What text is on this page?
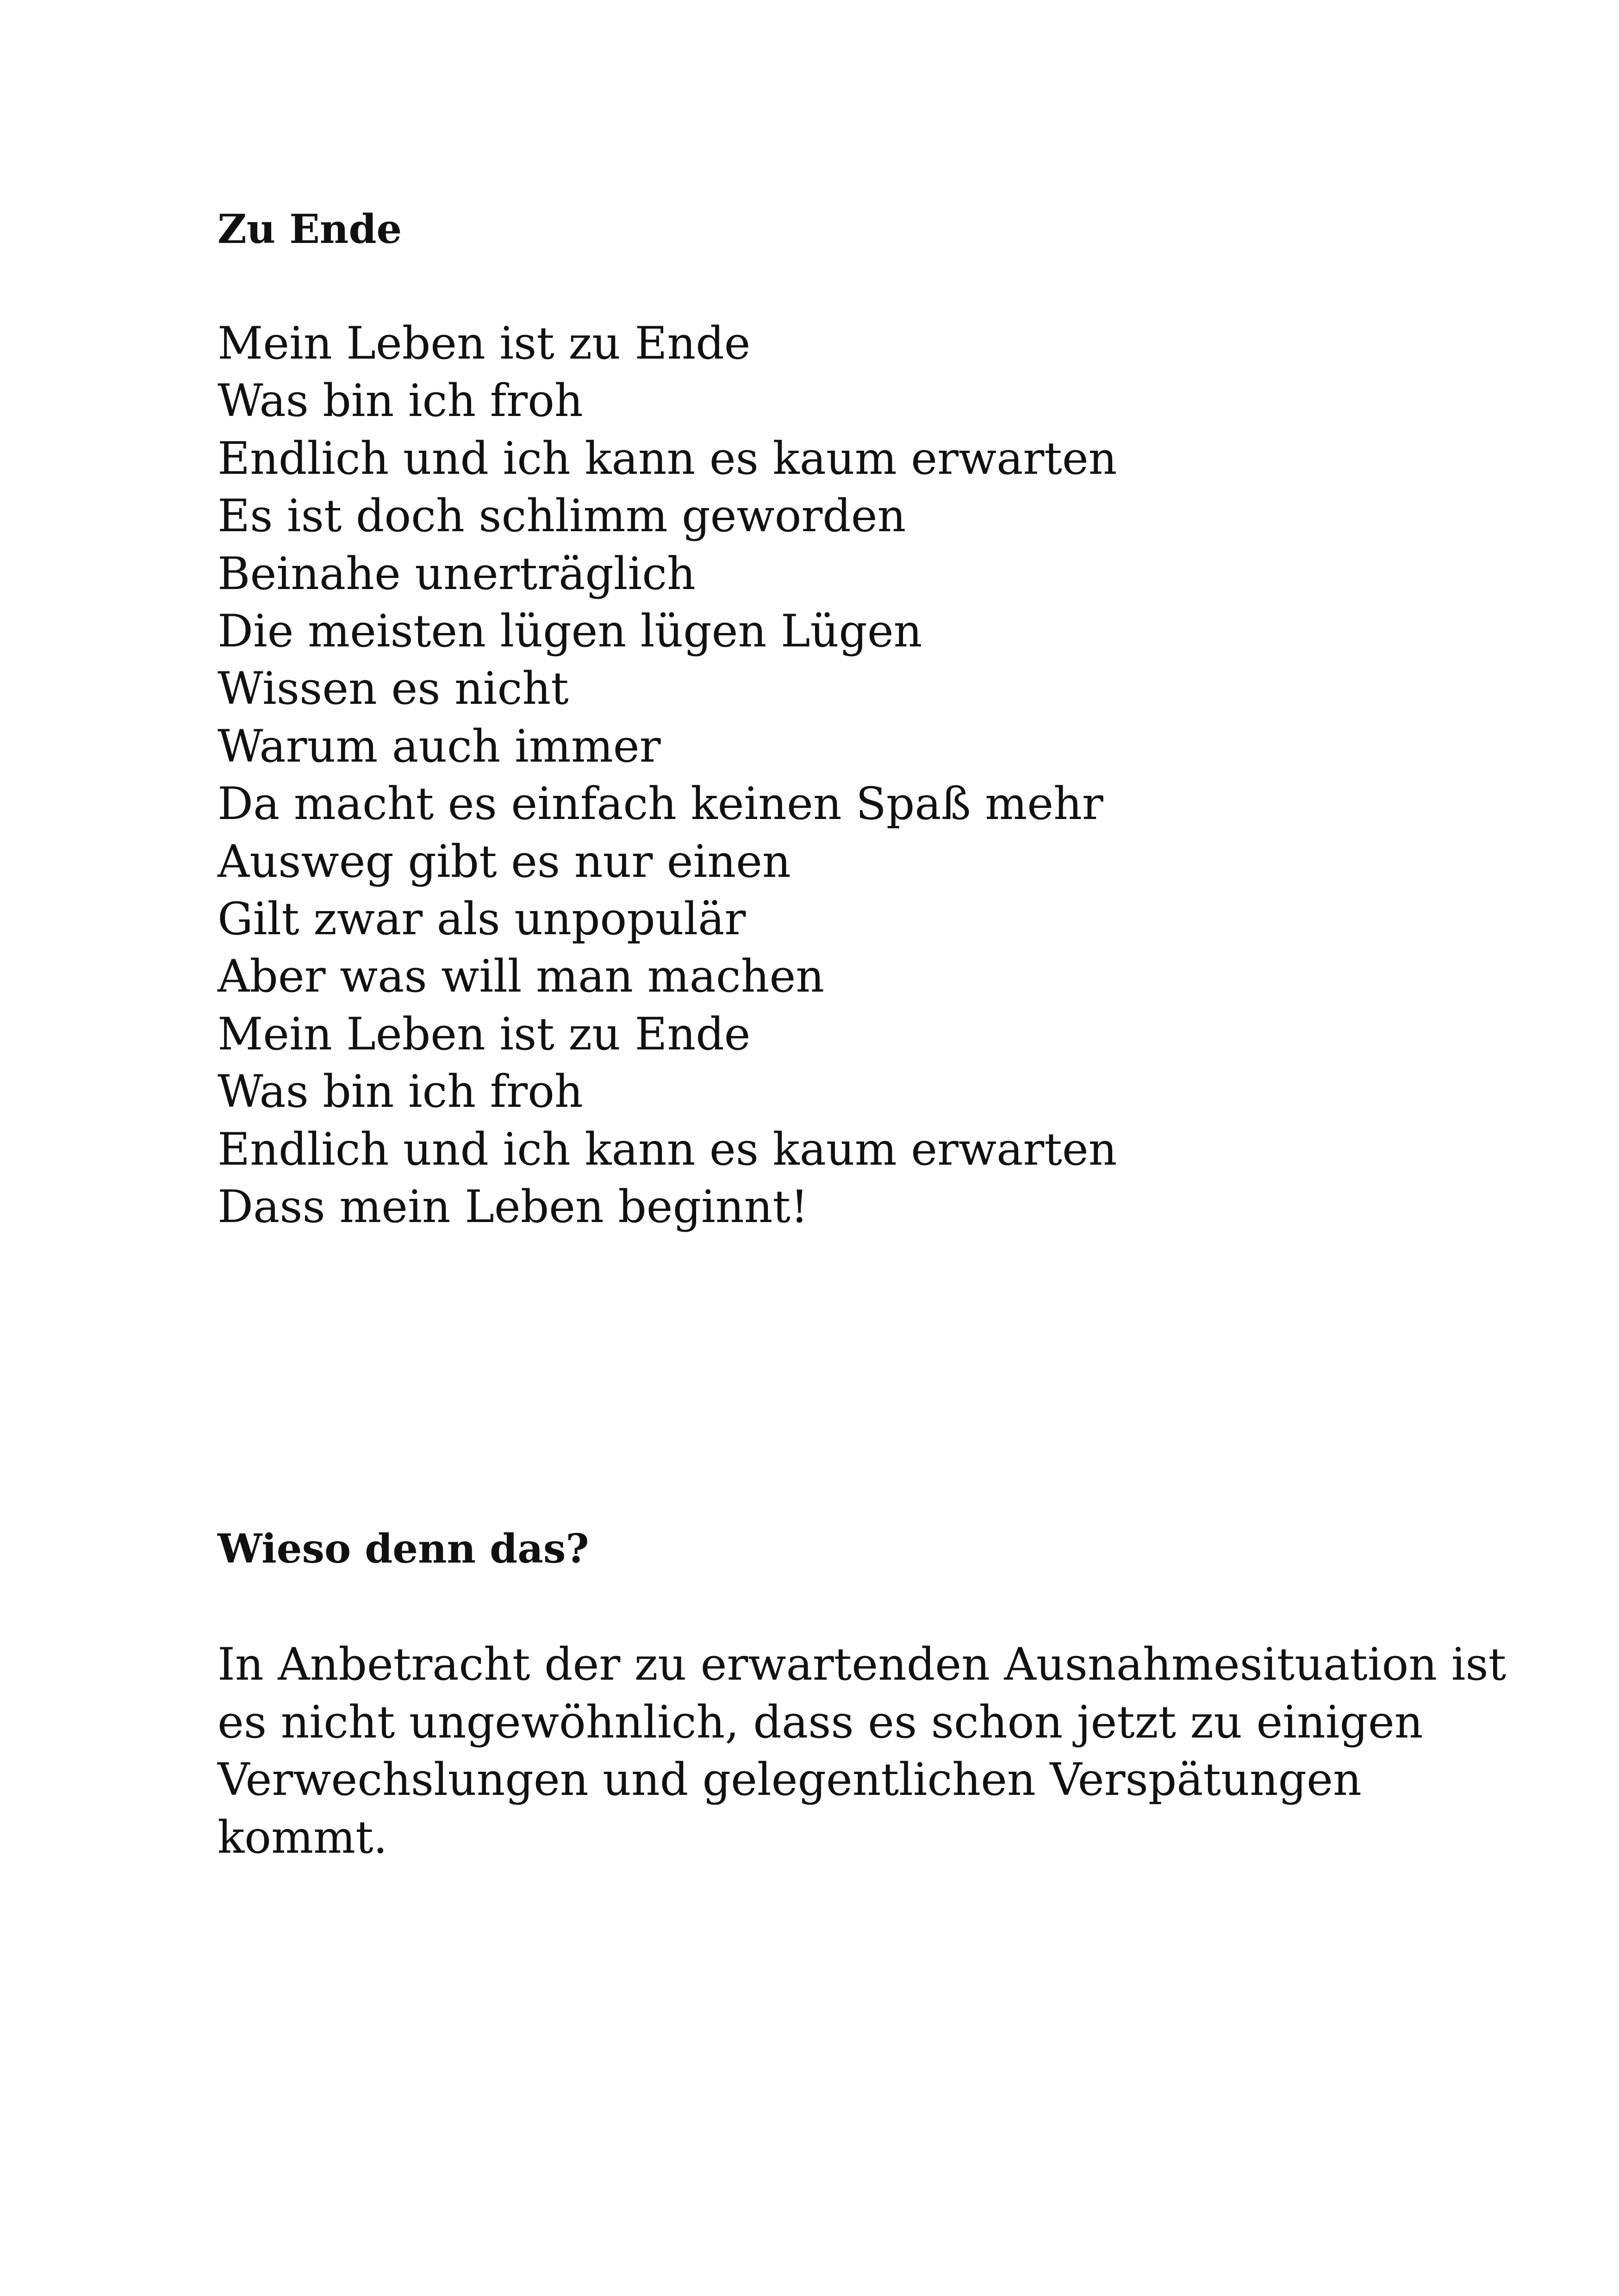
Zu Ende
Mein Leben ist zu Ende
Was bin ich froh
Endlich und ich kann es kaum erwarten
Es ist doch schlimm geworden
Beinahe unerträglich
Die meisten lügen lügen Lügen
Wissen es nicht
Warum auch immer
Da macht es einfach keinen Spaß mehr
Ausweg gibt es nur einen
Gilt zwar als unpopulär
Aber was will man machen
Mein Leben ist zu Ende
Was bin ich froh
Endlich und ich kann es kaum erwarten
Dass mein Leben beginnt!
Wieso denn das?

In Anbetracht der zu erwartenden Ausnahmesituation ist
es nicht ungewöhnlich, dass es schon jetzt zu einigen
Verwechslungen und gelegentlichen Verspätungen
kommt.
